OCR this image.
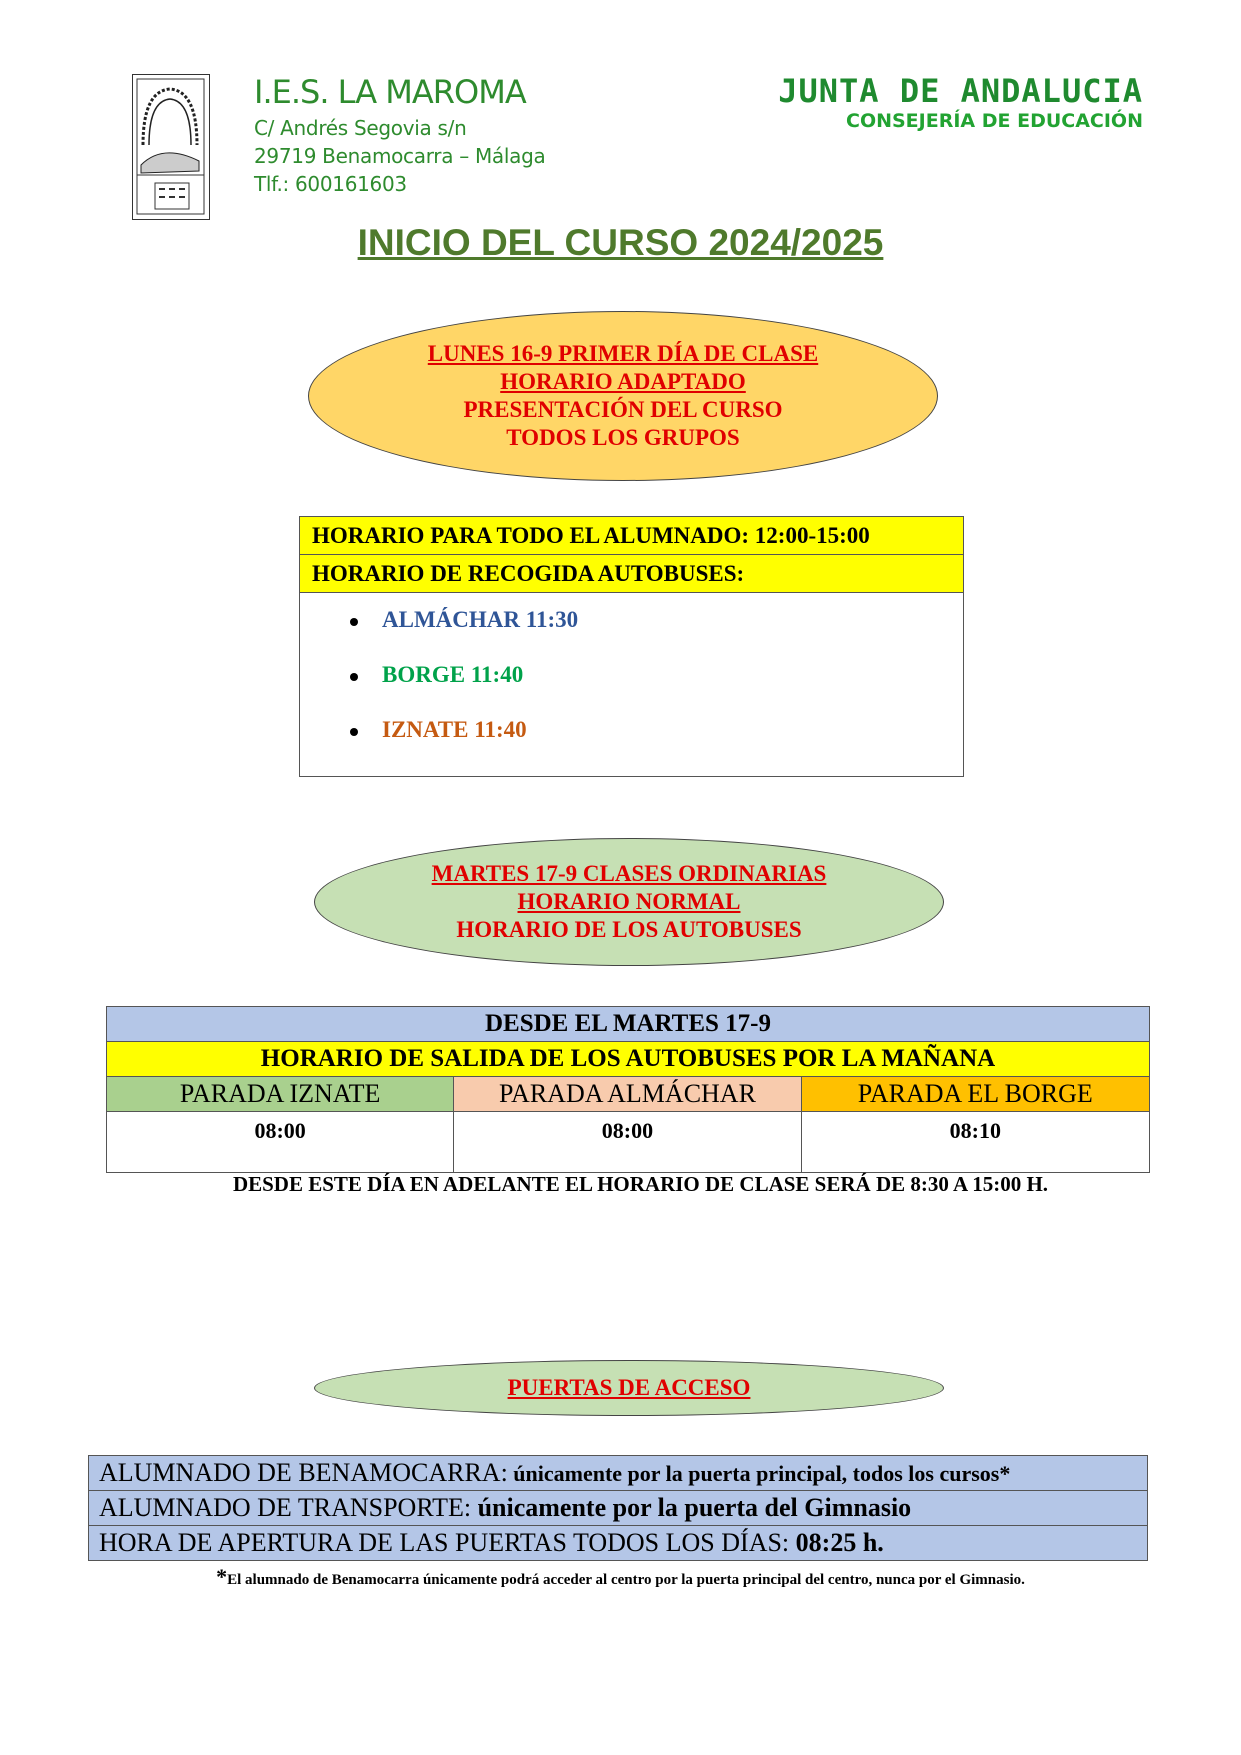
I.E.S. LA MAROMA
C/ Andrés Segovia s/n
29719 Benamocarra – Málaga
Tlf.: 600161603
JUNTA DE ANDALUCIA
CONSEJERÍA DE EDUCACIÓN
INICIO DEL CURSO 2024/2025
LUNES 16-9 PRIMER DÍA DE CLASE
HORARIO ADAPTADO
PRESENTACIÓN DEL CURSO
TODOS LOS GRUPOS
HORARIO PARA TODO EL ALUMNADO: 12:00-15:00
HORARIO DE RECOGIDA AUTOBUSES:
ALMÁCHAR 11:30
BORGE 11:40
IZNATE 11:40
MARTES 17-9 CLASES ORDINARIAS
HORARIO NORMAL
HORARIO DE LOS AUTOBUSES
DESDE EL MARTES 17-9		
HORARIO DE SALIDA DE LOS AUTOBUSES POR LA MAÑANA		
PARADA IZNATE	PARADA ALMÁCHAR	PARADA EL BORGE
08:00	08:00	08:10
DESDE ESTE DÍA EN ADELANTE EL HORARIO DE CLASE SERÁ DE 8:30 A 15:00 H.
PUERTAS DE ACCESO
ALUMNADO DE BENAMOCARRA: únicamente por la puerta principal, todos los cursos*
ALUMNADO DE TRANSPORTE: únicamente por la puerta del Gimnasio
HORA DE APERTURA DE LAS PUERTAS TODOS LOS DÍAS: 08:25 h.
*El alumnado de Benamocarra únicamente podrá acceder al centro por la puerta principal del centro, nunca por el Gimnasio.
